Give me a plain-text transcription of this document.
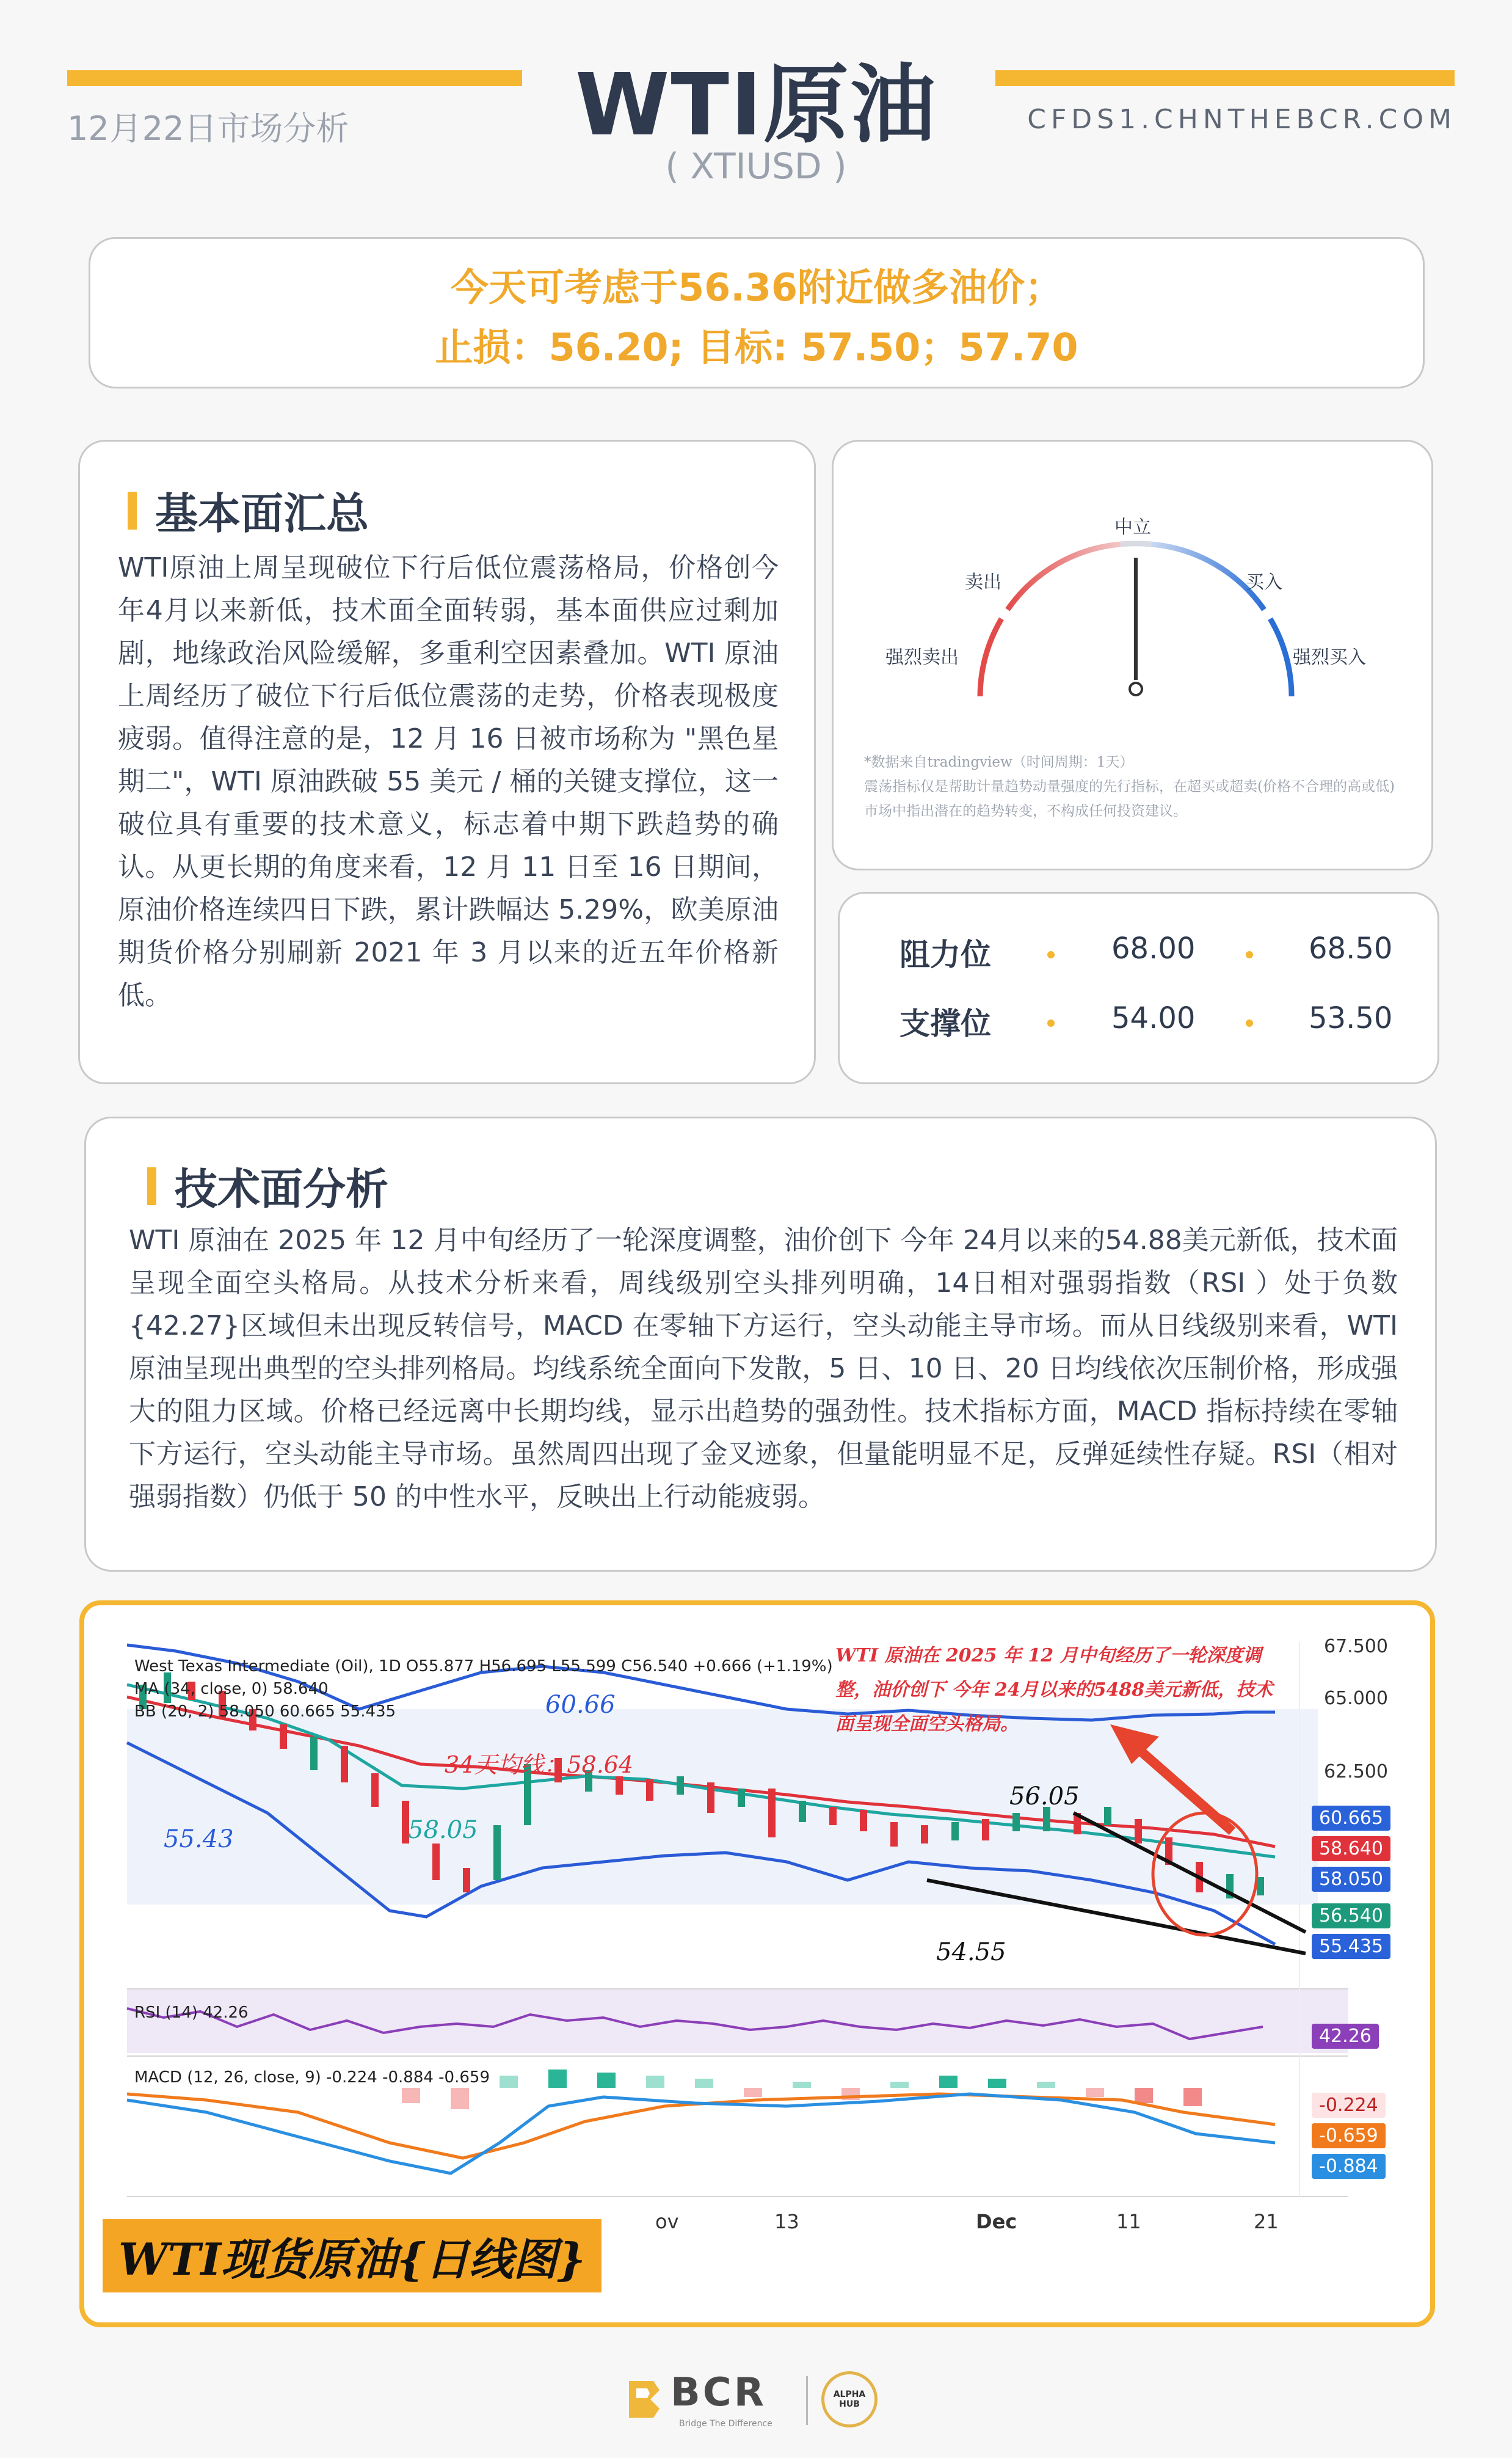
12月22日市场分析	WTI原油
( XTIUSD )
CFDS1.CHNTHEBCR.COM
今天可考虑于56.36附近做多油价；
止损：56.20; 目标: 57.50；57.70
基本面汇总
WTI原油上周呈现破位下行后低位震荡格局，价格创今年4月以来新低，技术面全面转弱，基本面供应过剩加剧，地缘政治风险缓解，多重利空因素叠加。WTI 原油上周经历了破位下行后低位震荡的走势，价格表现极度疲弱。值得注意的是，12 月 16 日被市场称为 "黑色星期二"，WTI 原油跌破 55 美元 / 桶的关键支撑位，这一破位具有重要的技术意义，标志着中期下跌趋势的确认。从更长期的角度来看，12 月 11 日至 16 日期间，原油价格连续四日下跌，累计跌幅达 5.29%，欧美原油期货价格分别刷新 2021 年 3 月以来的近五年价格新低。
中立
卖出	买入
强烈卖出	强烈买入
*数据来自tradingview（时间周期：1天）
震荡指标仅是帮助计量趋势动量强度的先行指标，在超买或超卖(价格不合理的高或低) 市场中指出潜在的趋势转变，不构成任何投资建议。
阻力位	68.00	68.50
支撑位	54.00	53.50
技术面分析
WTI 原油在 2025 年 12 月中旬经历了一轮深度调整，油价创下 今年 24月以来的54.88美元新低，技术面呈现全面空头格局。从技术分析来看，周线级别空头排列明确，14日相对强弱指数（RSI ）处于负数{42.27}区域但未出现反转信号，MACD 在零轴下方运行，空头动能主导市场。而从日线级别来看，WTI 原油呈现出典型的空头排列格局。均线系统全面向下发散，5 日、10 日、20 日均线依次压制价格，形成强大的阻力区域。价格已经远离中长期均线，显示出趋势的强劲性。技术指标方面，MACD 指标持续在零轴下方运行，空头动能主导市场。虽然周四出现了金叉迹象，但量能明显不足，反弹延续性存疑。RSI（相对强弱指数）仍低于 50 的中性水平，反映出上行动能疲弱。
West Texas Intermediate (Oil), 1D O55.877 H56.695 L55.599 C56.540 +0.666 (+1.19%)
MA (34, close, 0) 58.640
BB (20, 2) 58.050 60.665 55.435
34天均线：58.64
60.66
55.43	58.05
56.05
54.55
WTI 原油在 2025 年 12 月中旬经历了一轮深度调整，油价创下 今年 24月以来的5488美元新低，技术面呈现全面空头格局。
67.500
65.000
62.500
60.665
58.640
58.050
56.540
55.435
RSI (14) 42.26
42.26
MACD (12, 26, close, 9) -0.224 -0.884 -0.659
-0.224
-0.659
-0.884
ov	13	Dec	11	21
WTI现货原油{日线图}
BCR
Bridge The Difference
ALPHA HUB
